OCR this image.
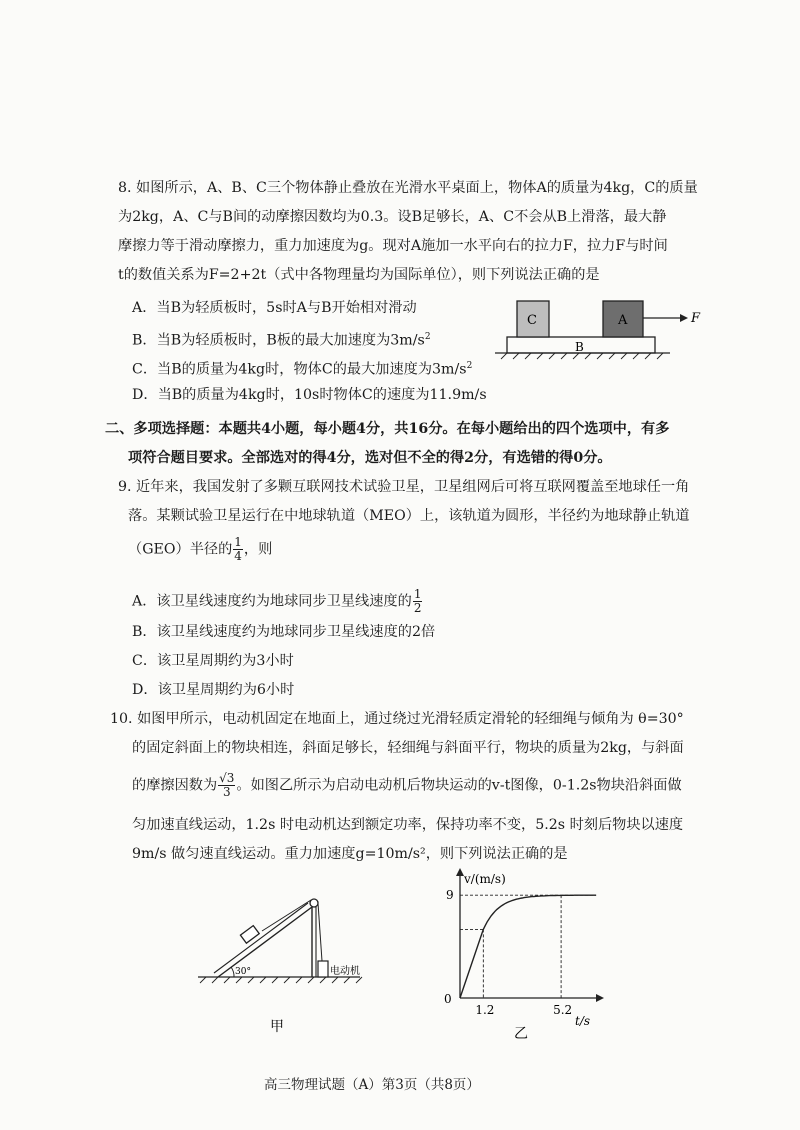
8. 如图所示，A、B、C三个物体静止叠放在光滑水平桌面上，物体A的质量为4kg，C的质量
为2kg，A、C与B间的动摩擦因数均为0.3。设B足够长，A、C不会从B上滑落，最大静
摩擦力等于滑动摩擦力，重力加速度为g。现对A施加一水平向右的拉力F，拉力F与时间
t的数值关系为F=2+2t（式中各物理量均为国际单位），则下列说法正确的是
A．当B为轻质板时，5s时A与B开始相对滑动
B．当B为轻质板时，B板的最大加速度为$3m/s^2$
C．当B的质量为4kg时，物体C的最大加速度为$3m/s^2$
D．当B的质量为4kg时，10s时物体C的速度为11.9m/s
C	A
B
F
二、多项选择题：本题共4小题，每小题4分，共16分。在每小题给出的四个选项中，有多
项符合题目要求。全部选对的得4分，选对但不全的得2分，有选错的得0分。
9. 近年来，我国发射了多颗互联网技术试验卫星，卫星组网后可将互联网覆盖至地球任一角
落。某颗试验卫星运行在中地球轨道（MEO）上，该轨道为圆形，半径约为地球静止轨道
（GEO）半径的 $\frac{1}{4}$ ，则
A．该卫星线速度约为地球同步卫星线速度的 $\frac{1}{2}$
B．该卫星线速度约为地球同步卫星线速度的2倍
C．该卫星周期约为3小时
D．该卫星周期约为6小时
10. 如图甲所示，电动机固定在地面上，通过绕过光滑轻质定滑轮的轻细绳与倾角为 θ=30°
的固定斜面上的物块相连，斜面足够长，轻细绳与斜面平行，物块的质量为2kg，与斜面
的摩擦因数为 $\frac{√3}{3}$ 。如图乙所示为启动电动机后物块运动的v-t图像，0-1.2s物块沿斜面做
匀加速直线运动，1.2s 时电动机达到额定功率，保持功率不变，5.2s 时刻后物块以速度
9m/s 做匀速直线运动。重力加速度g=10m/s²，则下列说法正确的是
30°	电动机
甲
v/(m/s)
t/s
0
1.2	5.2
9
乙
高三物理试题（A）第3页（共8页）
